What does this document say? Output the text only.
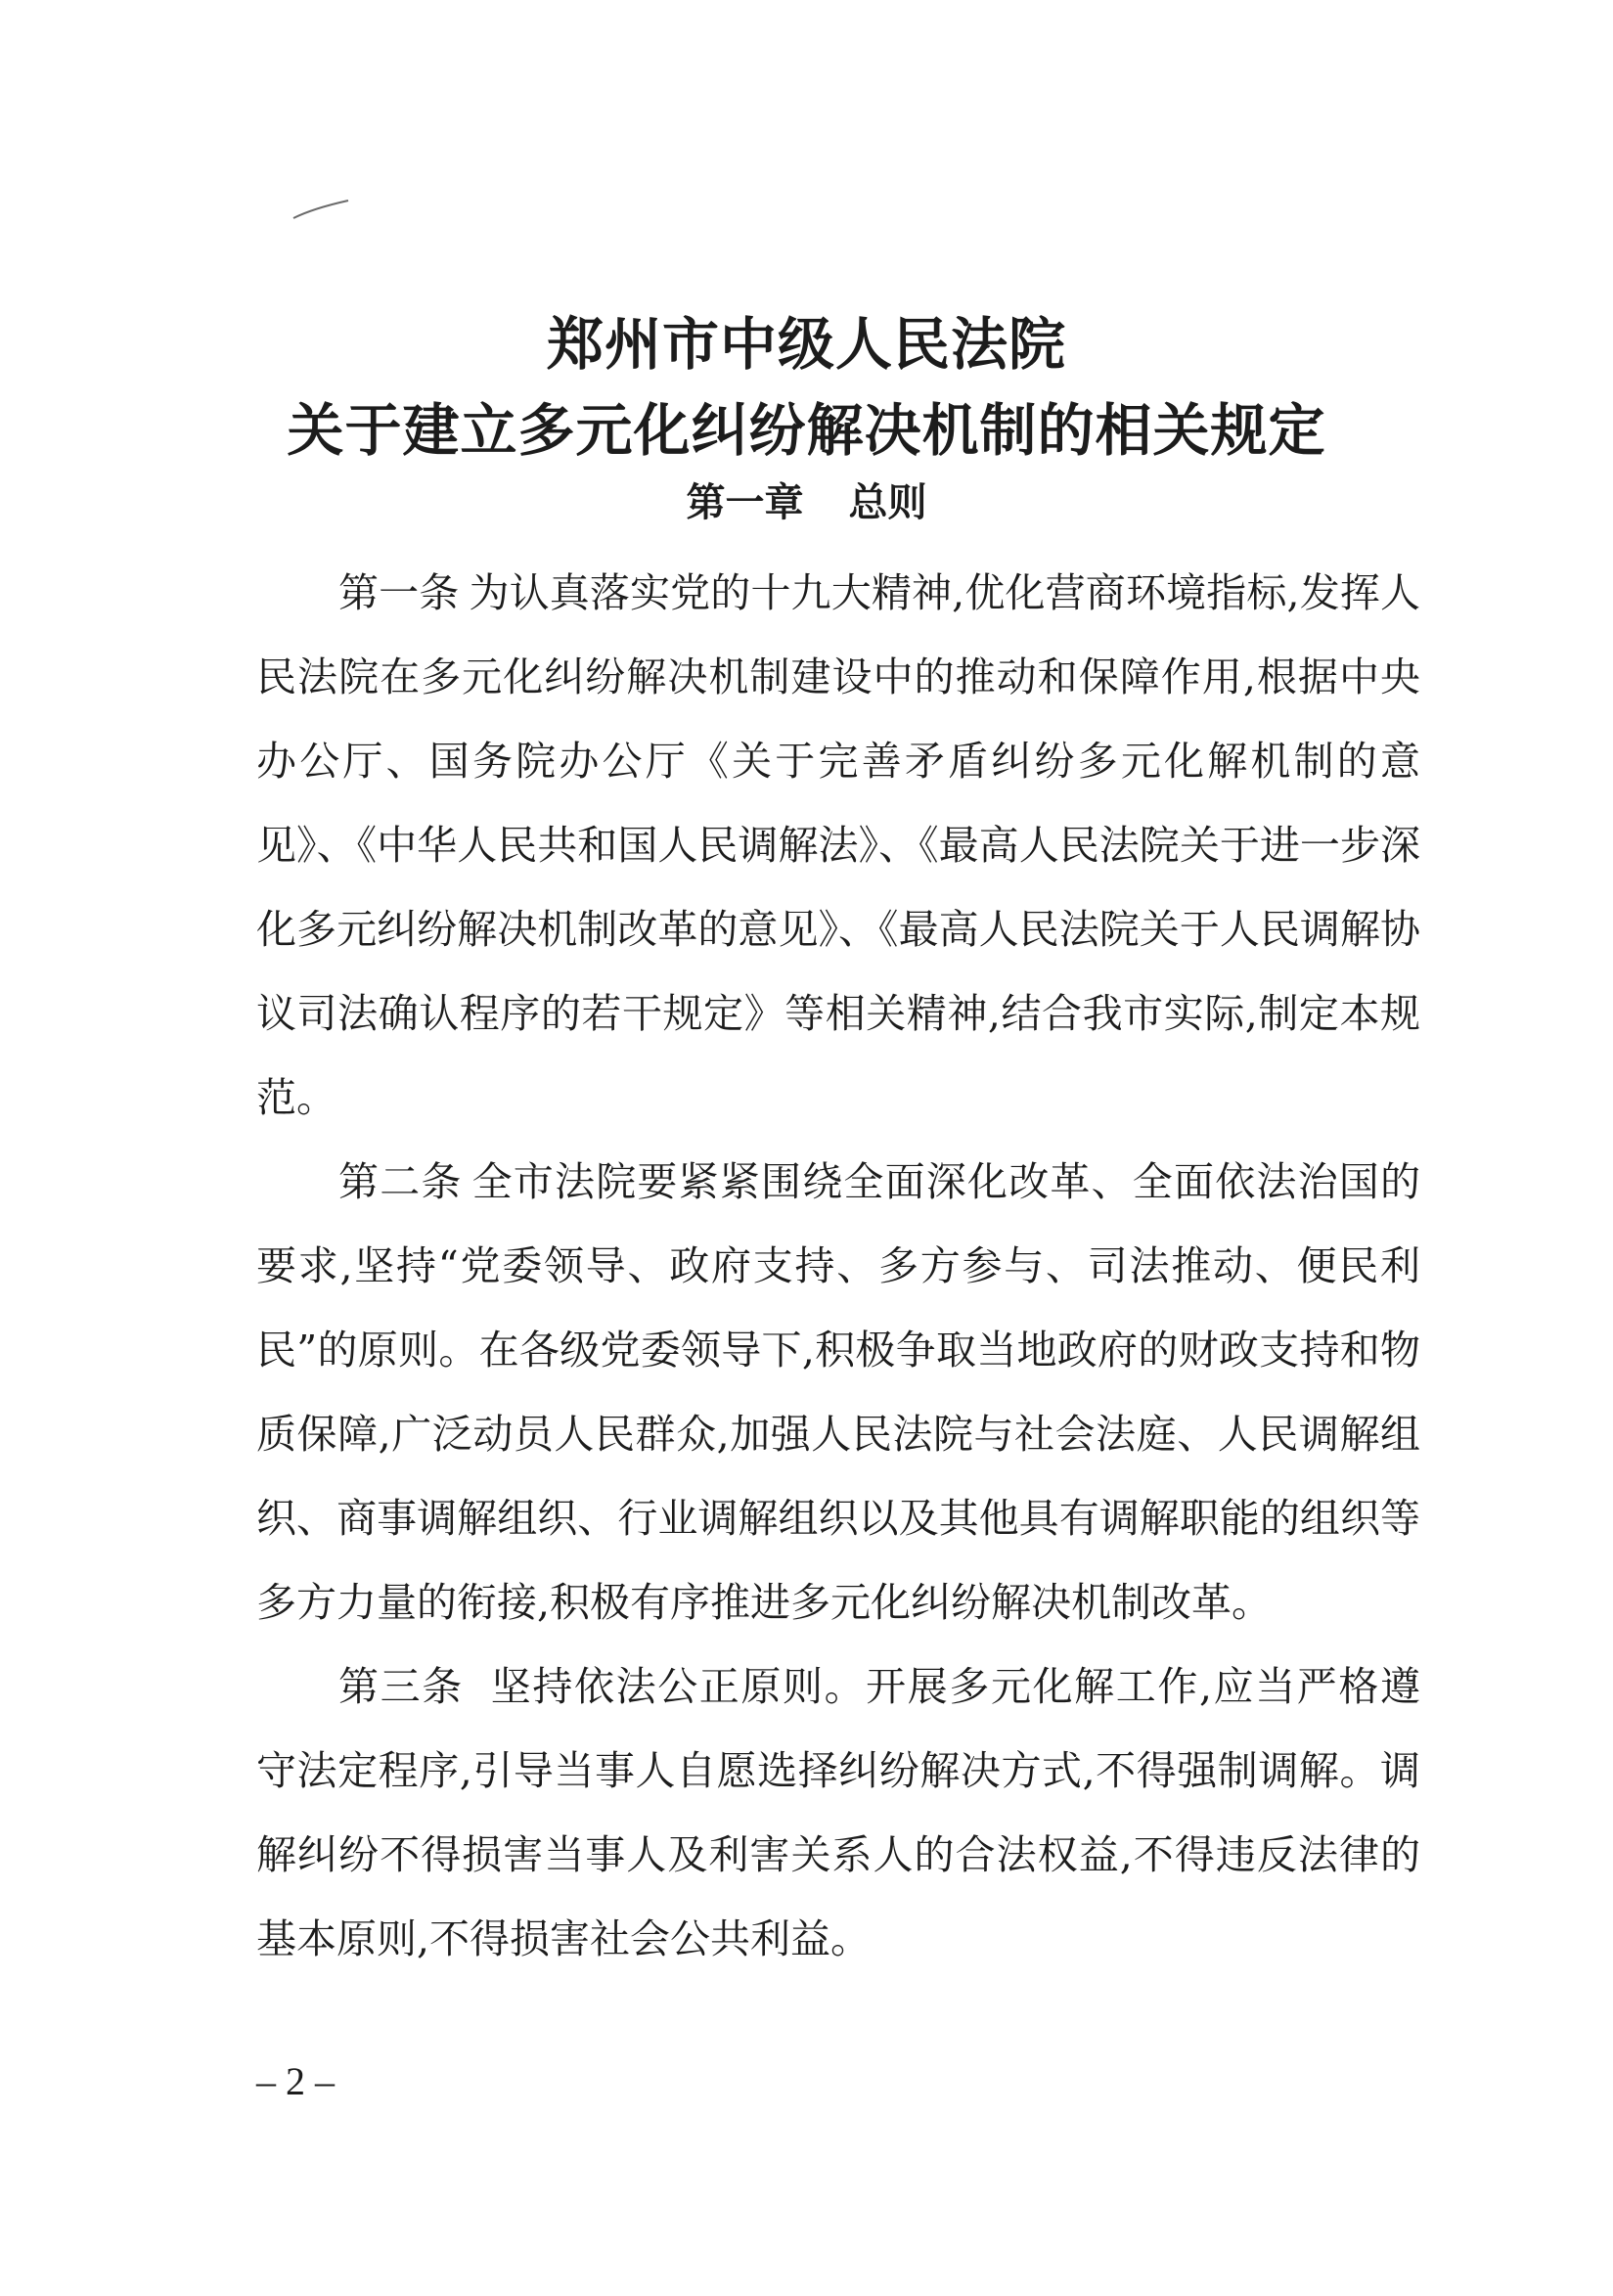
郑州市中级人民法院
关于建立多元化纠纷解决机制的相关规定
第一章 总则

第一条 为认真落实党的十九大精神,优化营商环境指标,发挥人民法院在多元化纠纷解决机制建设中的推动和保障作用,根据中央办公厅、国务院办公厅《关于完善矛盾纠纷多元化解机制的意见》、《中华人民共和国人民调解法》、《最高人民法院关于进一步深化多元纠纷解决机制改革的意见》、《最高人民法院关于人民调解协议司法确认程序的若干规定》等相关精神,结合我市实际,制定本规范。

第二条 全市法院要紧紧围绕全面深化改革、全面依法治国的要求,坚持“党委领导、政府支持、多方参与、司法推动、便民利民”的原则。在各级党委领导下,积极争取当地政府的财政支持和物质保障,广泛动员人民群众,加强人民法院与社会法庭、人民调解组织、商事调解组织、行业调解组织以及其他具有调解职能的组织等多方力量的衔接,积极有序推进多元化纠纷解决机制改革。

第三条 坚持依法公正原则。开展多元化解工作,应当严格遵守法定程序,引导当事人自愿选择纠纷解决方式,不得强制调解。调解纠纷不得损害当事人及利害关系人的合法权益,不得违反法律的基本原则,不得损害社会公共利益。

– 2 –
